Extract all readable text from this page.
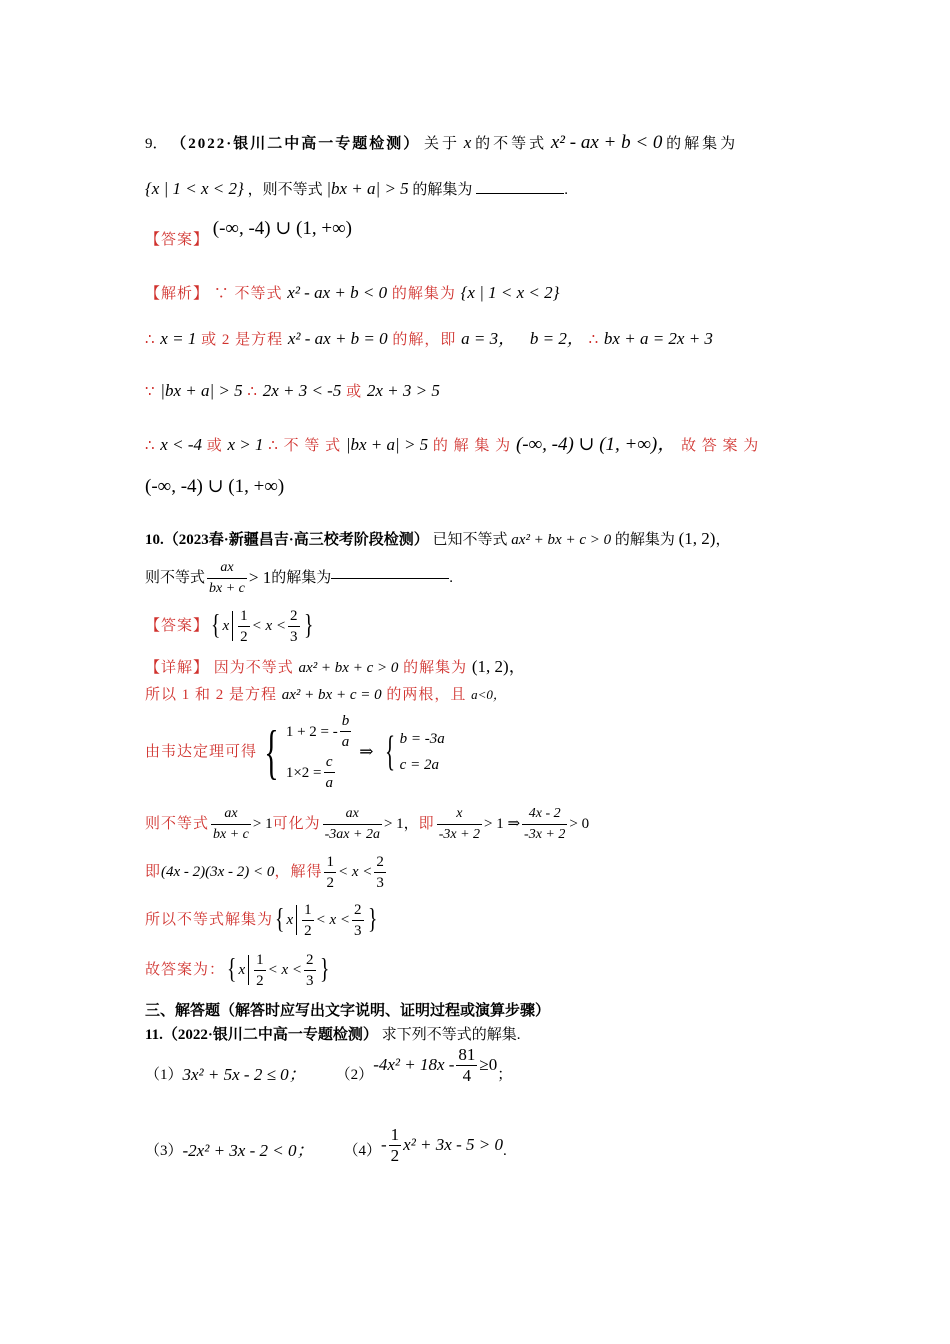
9． （2022·银川二中高一专题检测） 关于 x 的不等式 x² - ax + b < 0 的解集为
{x | 1 < x < 2} ，则不等式 |bx + a| > 5 的解集为	.
【答案】 (-∞, -4) ∪ (1, +∞)
【解析】 ∵ 不等式 x² - ax + b < 0 的解集为 {x | 1 < x < 2}
∴ x = 1 或 2 是方程 x² - ax + b = 0 的解，即 a = 3， b = 2， ∴ bx + a = 2x + 3
∵ |bx + a| > 5 ∴ 2x + 3 < -5 或 2x + 3 > 5
∴ x < -4 或 x > 1 ∴ 不 等 式 |bx + a| > 5 的 解 集 为 (-∞, -4) ∪ (1, +∞)， 故 答 案 为
(-∞, -4) ∪ (1, +∞)
10.（2023春·新疆昌吉·高三校考阶段检测） 已知不等式 ax² + bx + c > 0 的解集为 (1, 2)，
则不等式 $\frac{ax}{bx + c} > 1$ 的解集为	.
【答案】 { x $\frac{1}{2} < x < \frac{2}{3}$ }
【详解】 因为不等式 ax² + bx + c > 0 的解集为 (1, 2)，
所以 1 和 2 是方程 ax² + bx + c = 0 的两根，且 a<0，
由韦达定理可得 { 1 + 2 = - $\frac{b}{a}$
$1\times 2 = \frac{c}{a}$
⇒ { b = -3a
c = 2a
则不等式 $\frac{ax}{bx + c} > 1$ 可化为 $\frac{ax}{-3ax + 2a} > 1$， 即 $\frac{x}{-3x + 2} > 1$ ⇒ $\frac{4x - 2}{-3x + 2} > 0$
即 (4x - 2)(3x - 2) < 0 ，解得 $\frac{1}{2} < x < \frac{2}{3}$
所以不等式解集为 { x $\frac{1}{2} < x < \frac{2}{3}$ }
故答案为： { x $\frac{1}{2} < x < \frac{2}{3}$ }
三、解答题（解答时应写出文字说明、证明过程或演算步骤）
11.（2022·银川二中高一专题检测） 求下列不等式的解集.
（1） 3x² + 5x - 2 ≤ 0； （2）
$-4x^2 + 18x - \frac{81}{4} \ge 0$
；
（3） -2x² + 3x - 2 < 0； $(4) - \frac{1}{2} x^2 + 3x - 5 > 0$ .
